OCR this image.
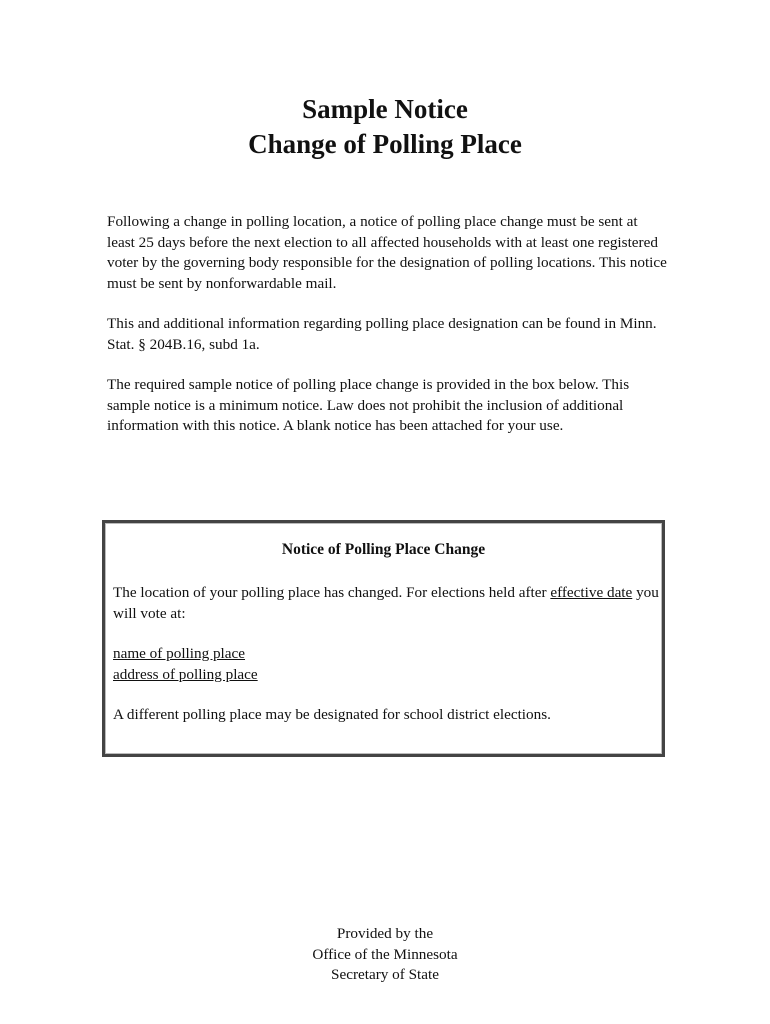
Sample Notice
Change of Polling Place

Following a change in polling location, a notice of polling place change must be sent at least 25 days before the next election to all affected households with at least one registered voter by the governing body responsible for the designation of polling locations. This notice must be sent by nonforwardable mail.

This and additional information regarding polling place designation can be found in Minn. Stat. § 204B.16, subd 1a.

The required sample notice of polling place change is provided in the box below. This sample notice is a minimum notice. Law does not prohibit the inclusion of additional information with this notice. A blank notice has been attached for your use.

Notice of Polling Place Change
The location of your polling place has changed. For elections held after effective date you will vote at:
name of polling place
address of polling place
A different polling place may be designated for school district elections.
Provided by the
Office of the Minnesota
Secretary of State
